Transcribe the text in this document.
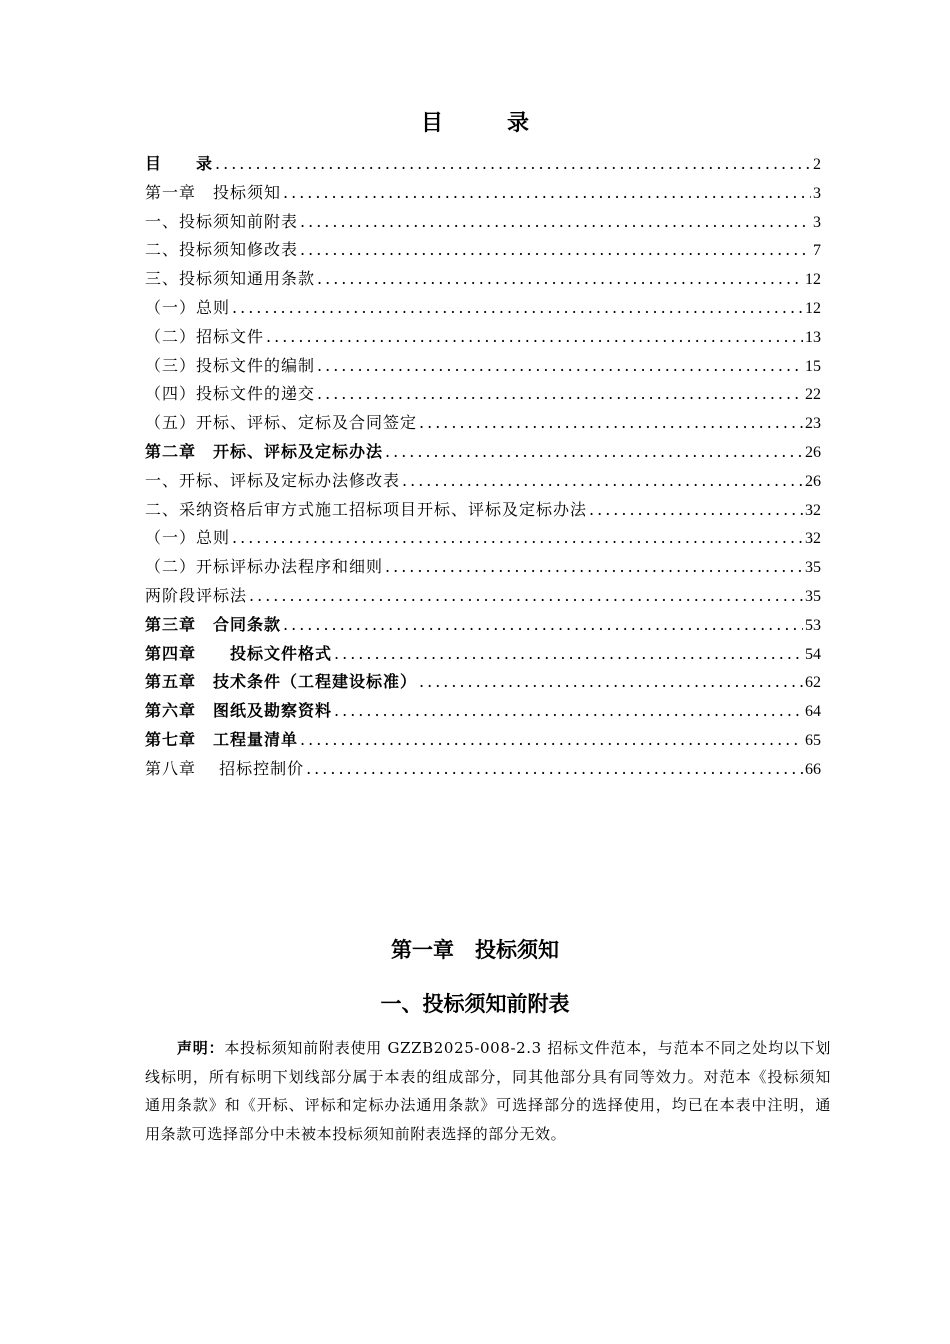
目录
目　　录 .....	2
第一章　投标须知 .....	3
一、投标须知前附表 .....	3
二、投标须知修改表 .....	7
三、投标须知通用条款 .....	12
（一）总则 .....	12
（二）招标文件 .....	13
（三）投标文件的编制 .....	15
（四）投标文件的递交 .....	22
（五）开标、评标、定标及合同签定 .....	23
第二章　开标、评标及定标办法 .....	26
一、开标、评标及定标办法修改表 .....	26
二、采纳资格后审方式施工招标项目开标、评标及定标办法 .....	32
（一）总则 .....	32
（二）开标评标办法程序和细则 .....	35
两阶段评标法 .....	35
第三章　合同条款 .....	53
第四章　　投标文件格式 .....	54
第五章　技术条件（工程建设标准） .....	62
第六章　图纸及勘察资料 .....	64
第七章　工程量清单 .....	65
第八章　 招标控制价 .....	66
第一章　投标须知
一、投标须知前附表
声明：本投标须知前附表使用 GZZB2025-008-2.3 招标文件范本，与范本不同之处均以下划线标明，所有标明下划线部分属于本表的组成部分，同其他部分具有同等效力。对范本《投标须知通用条款》和《开标、评标和定标办法通用条款》可选择部分的选择使用，均已在本表中注明，通用条款可选择部分中未被本投标须知前附表选择的部分无效。
